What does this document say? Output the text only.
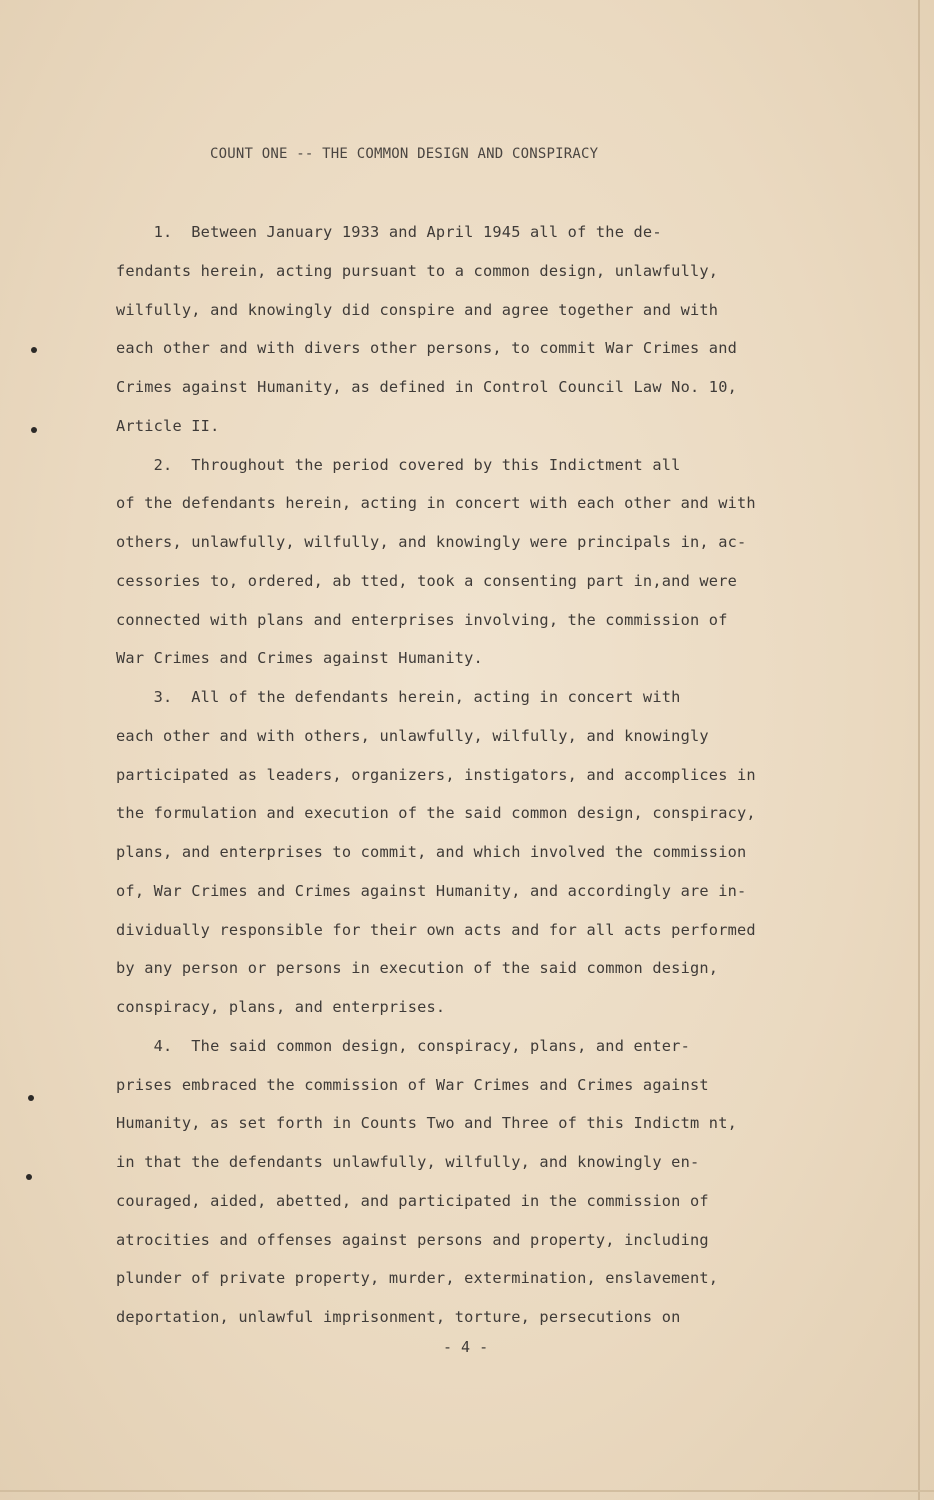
COUNT ONE -- THE COMMON DESIGN AND CONSPIRACY
1.  Between January 1933 and April 1945 all of the de-
fendants herein, acting pursuant to a common design, unlawfully,
wilfully, and knowingly did conspire and agree together and with
each other and with divers other persons, to commit War Crimes and
Crimes against Humanity, as defined in Control Council Law No. 10,
Article II.
2.  Throughout the period covered by this Indictment all
of the defendants herein, acting in concert with each other and with
others, unlawfully, wilfully, and knowingly were principals in, ac-
cessories to, ordered, ab tted, took a consenting part in,and were
connected with plans and enterprises involving, the commission of
War Crimes and Crimes against Humanity.
3.  All of the defendants herein, acting in concert with
each other and with others, unlawfully, wilfully, and knowingly
participated as leaders, organizers, instigators, and accomplices in
the formulation and execution of the said common design, conspiracy,
plans, and enterprises to commit, and which involved the commission
of, War Crimes and Crimes against Humanity, and accordingly are in-
dividually responsible for their own acts and for all acts performed
by any person or persons in execution of the said common design,
conspiracy, plans, and enterprises.
4.  The said common design, conspiracy, plans, and enter-
prises embraced the commission of War Crimes and Crimes against
Humanity, as set forth in Counts Two and Three of this Indictm nt,
in that the defendants unlawfully, wilfully, and knowingly en-
couraged, aided, abetted, and participated in the commission of
atrocities and offenses against persons and property, including
plunder of private property, murder, extermination, enslavement,
deportation, unlawful imprisonment, torture, persecutions on
- 4 -
